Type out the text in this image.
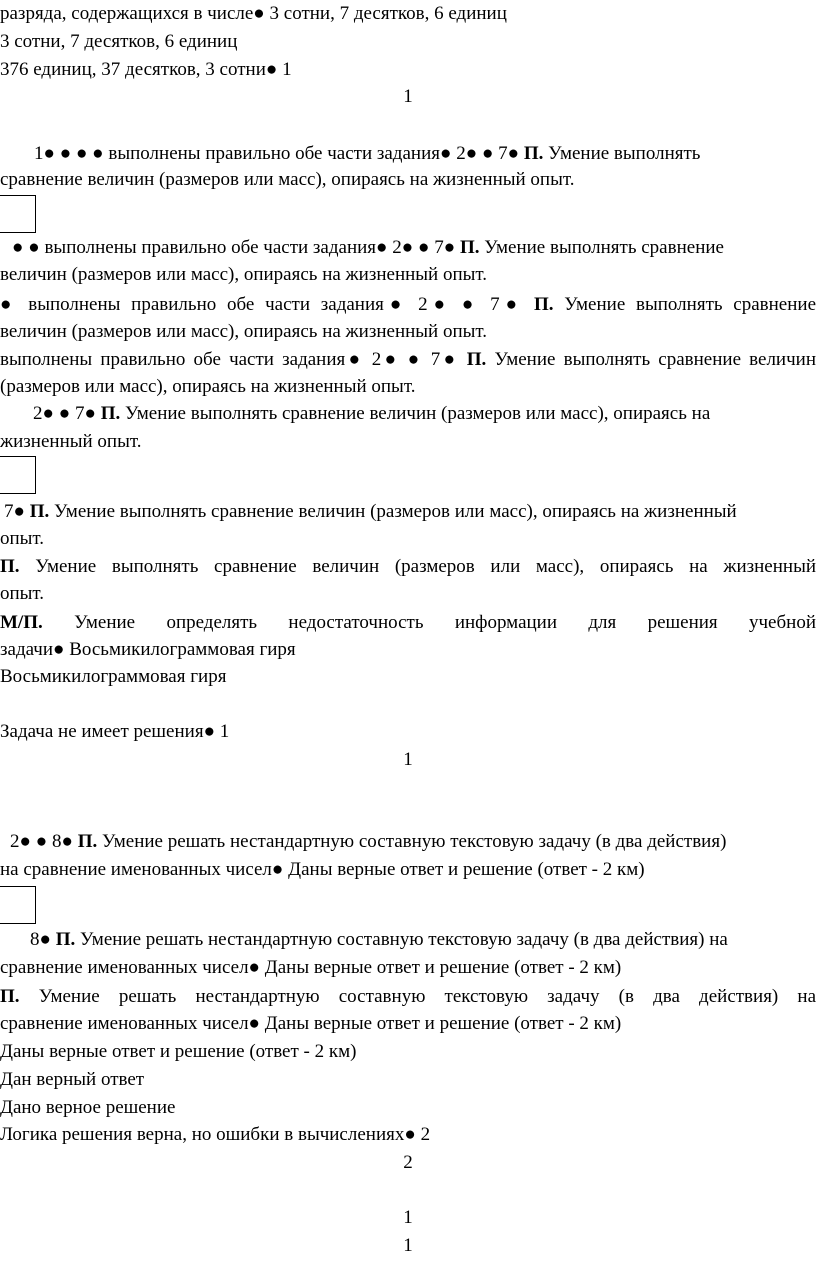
разряда, содержащихся в числе● 3 сотни, 7 десятков, 6 единиц
3 сотни, 7 десятков, 6 единиц
376 единиц, 37 десятков, 3 сотни● 1
1
1● ● ● ● выполнены правильно обе части задания● 2● ● 7● П. Умение выполнять
сравнение величин (размеров или масс), опираясь на жизненный опыт.
● ● выполнены правильно обе части задания● 2● ● 7● П. Умение выполнять сравнение
величин (размеров или масс), опираясь на жизненный опыт.
● выполнены правильно обе части задания● 2● ● 7● П. Умение выполнять сравнение
величин (размеров или масс), опираясь на жизненный опыт.
выполнены правильно обе части задания● 2● ● 7● П. Умение выполнять сравнение величин
(размеров или масс), опираясь на жизненный опыт.
2● ● 7● П. Умение выполнять сравнение величин (размеров или масс), опираясь на
жизненный опыт.
7● П. Умение выполнять сравнение величин (размеров или масс), опираясь на жизненный
опыт.
П. Умение выполнять сравнение величин (размеров или масс), опираясь на жизненный
опыт.
М/П. Умение определять недостаточность информации для решения учебной
задачи● Восьмикилограммовая гиря
Восьмикилограммовая гиря
Задача не имеет решения● 1
1
2● ● 8● П. Умение решать нестандартную составную текстовую задачу (в два действия)
на сравнение именованных чисел● Даны верные ответ и решение (ответ - 2 км)
8● П. Умение решать нестандартную составную текстовую задачу (в два действия) на
сравнение именованных чисел● Даны верные ответ и решение (ответ - 2 км)
П. Умение решать нестандартную составную текстовую задачу (в два действия) на
сравнение именованных чисел● Даны верные ответ и решение (ответ - 2 км)
Даны верные ответ и решение (ответ - 2 км)
Дан верный ответ
Дано верное решение
Логика решения верна, но ошибки в вычислениях● 2
2
1
1
